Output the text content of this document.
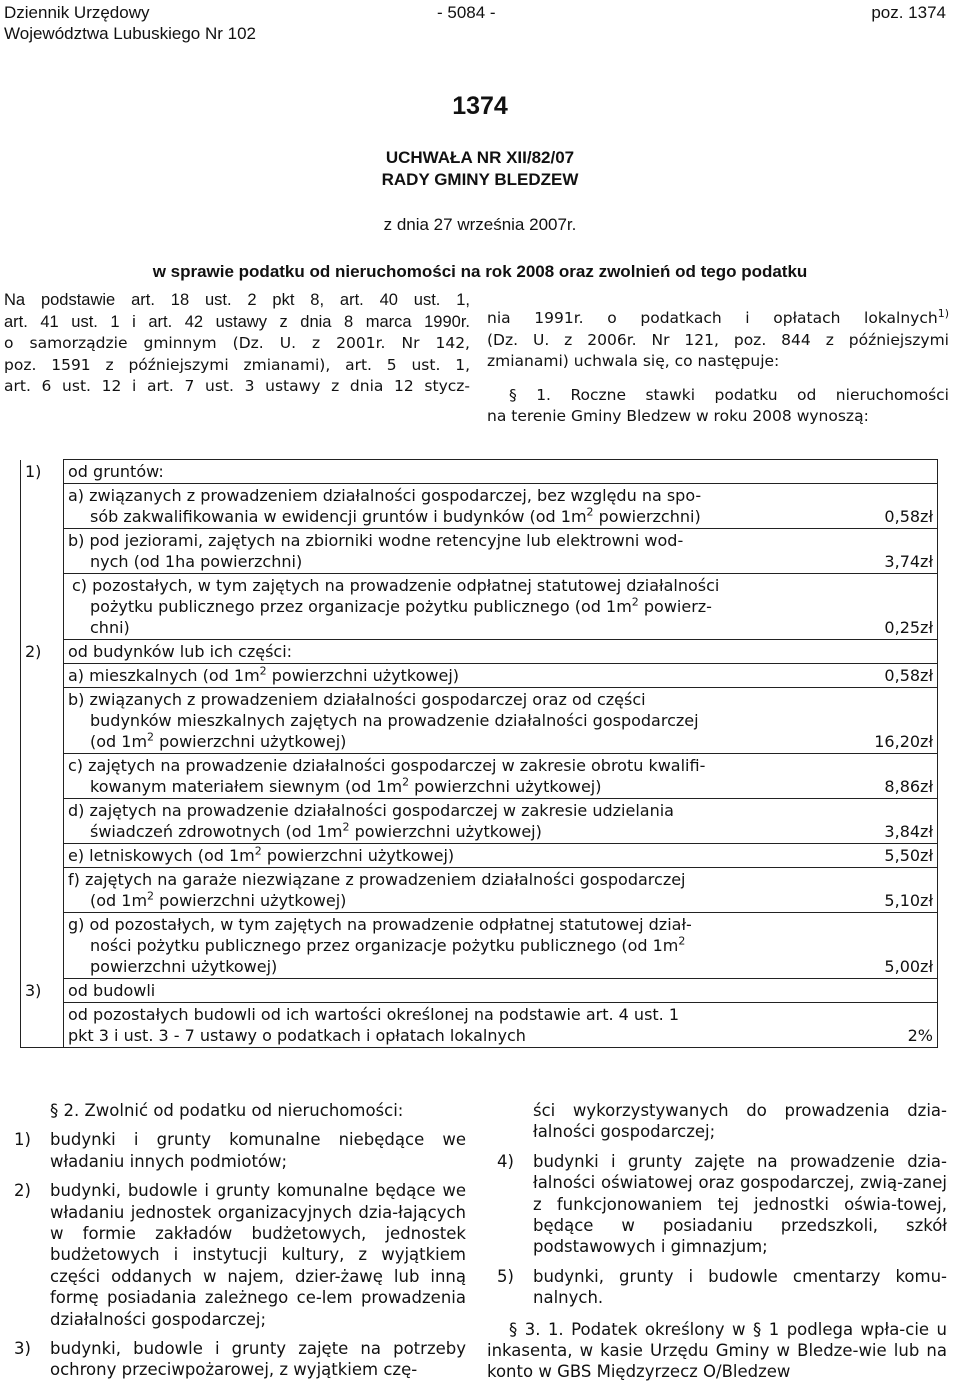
Dziennik Urzędowy
Województwa Lubuskiego Nr 102
- 5084 -	poz. 1374
1374
UCHWAŁA NR XII/82/07
RADY GMINY BLEDZEW
z dnia 27 września 2007r.
w sprawie podatku od nieruchomości na rok 2008 oraz zwolnień od tego podatku

Na podstawie art. 18 ust. 2 pkt 8, art. 40 ust. 1,

art. 41 ust. 1 i art. 42 ustawy z dnia 8 marca 1990r.

o samorządzie gminnym (Dz. U. z 2001r. Nr 142,

poz. 1591 z późniejszymi zmianami), art. 5 ust. 1,

art. 6 ust. 12 i art. 7 ust. 3 ustawy z dnia 12 stycz-

nia 1991r. o podatkach i opłatach lokalnych$^{1)}$

(Dz. U. z 2006r. Nr 121, poz. 844 z późniejszymi

zmianami) uchwala się, co następuje:

§ 1. Roczne stawki podatku od nieruchomości

na terenie Gminy Bledzew w roku 2008 wynoszą:

1)	od gruntów:	

	a) związanych z prowadzeniem działalności gospodarczej, bez względu na spo-
sób zakwalifikowania w ewidencji gruntów i budynków (od $1m^2$ powierzchni)	0,58zł

	b) pod jeziorami, zajętych na zbiorniki wodne retencyjne lub elektrowni wod-
nych (od 1ha powierzchni)	3,74zł

	c) pozostałych, w tym zajętych na prowadzenie odpłatnej statutowej działalności
pożytku publicznego przez organizacje pożytku publicznego (od $1m^2$ powierz-
chni)	0,25zł
2)	od budynków lub ich części:	
	a) mieszkalnych (od $1m^2$ powierzchni użytkowej)	0,58zł

	b) związanych z prowadzeniem działalności gospodarczej oraz od części
budynków mieszkalnych zajętych na prowadzenie działalności gospodarczej
(od $1m^2$ powierzchni użytkowej)	16,20zł

	c) zajętych na prowadzenie działalności gospodarczej w zakresie obrotu kwalifi-
kowanym materiałem siewnym (od $1m^2$ powierzchni użytkowej)	8,86zł

	d) zajętych na prowadzenie działalności gospodarczej w zakresie udzielania
świadczeń zdrowotnych (od $1m^2$ powierzchni użytkowej)	3,84zł
	e) letniskowych (od $1m^2$ powierzchni użytkowej)	5,50zł

	f) zajętych na garaże niezwiązane z prowadzeniem działalności gospodarczej
(od $1m^2$ powierzchni użytkowej)	5,10zł

	g) od pozostałych, w tym zajętych na prowadzenie odpłatnej statutowej dział-
ności pożytku publicznego przez organizacje pożytku publicznego (od $1m^2$
powierzchni użytkowej)	5,00zł
3)	od budowli	

	od pozostałych budowli od ich wartości określonej na podstawie art. 4 ust. 1
pkt 3 i ust. 3 - 7 ustawy o podatkach i opłatach lokalnych	2%
§ 2. Zwolnić od podatku od nieruchomości:
1)	budynki i grunty komunalne niebędące we władaniu innych podmiotów;
2)	budynki, budowle i grunty komunalne będące we władaniu jednostek organizacyjnych dzia-łających w formie zakładów budżetowych, jednostek budżetowych i instytucji kultury, z wyjątkiem części oddanych w najem, dzier-żawę lub inną formę posiadania zależnego ce-lem prowadzenia działalności gospodarczej;
3)	budynki, budowle i grunty zajęte na potrzeby ochrony przeciwpożarowej, z wyjątkiem czę-
ści wykorzystywanych do prowadzenia dzia-łalności gospodarczej;
4)	budynki i grunty zajęte na prowadzenie dzia-łalności oświatowej oraz gospodarczej, zwią-zanej z funkcjonowaniem tej jednostki oświa-towej, będące w posiadaniu przedszkoli, szkół podstawowych i gimnazjum;
5)	budynki, grunty i budowle cmentarzy komu-nalnych.
§ 3. 1. Podatek określony w § 1 podlega wpła-cie u inkasenta, w kasie Urzędu Gminy w Bledze-wie lub na konto w GBS Międzyrzecz O/Bledzew
